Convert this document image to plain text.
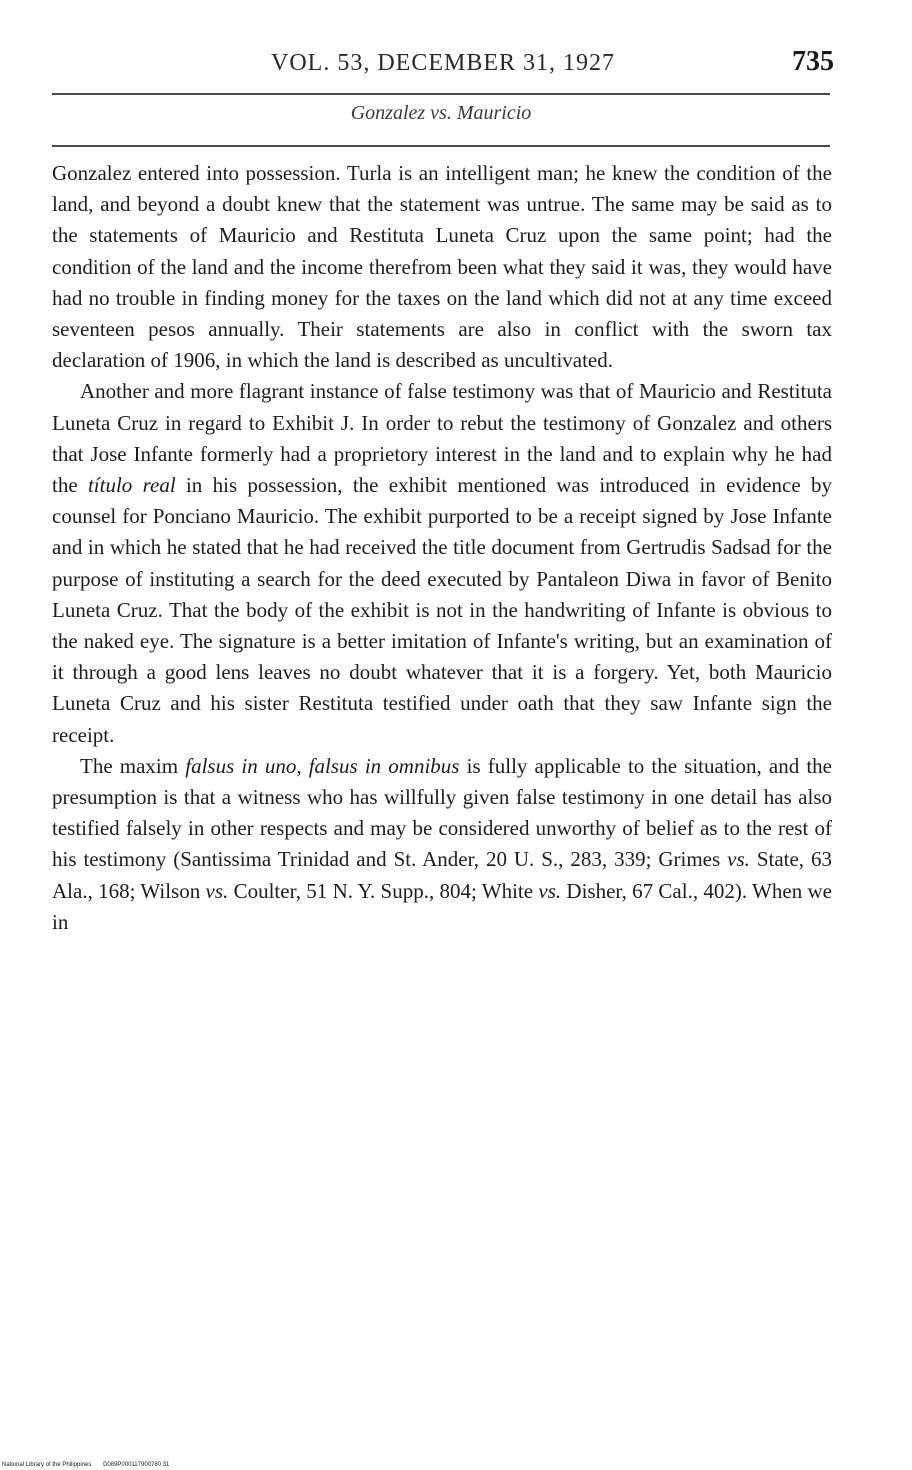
VOL. 53, DECEMBER 31, 1927	735
Gonzalez vs. Mauricio

Gonzalez entered into possession. Turla is an intelligent man; he knew the condition of the land, and beyond a doubt knew that the statement was untrue. The same may be said as to the statements of Mauricio and Restituta Luneta Cruz upon the same point; had the condition of the land and the income therefrom been what they said it was, they would have had no trouble in finding money for the taxes on the land which did not at any time exceed seventeen pesos annually. Their statements are also in conflict with the sworn tax declaration of 1906, in which the land is described as uncultivated.

Another and more flagrant instance of false testimony was that of Mauricio and Restituta Luneta Cruz in regard to Exhibit J. In order to rebut the testimony of Gonzalez and others that Jose Infante formerly had a proprietory interest in the land and to explain why he had the título real in his possession, the exhibit mentioned was introduced in evidence by counsel for Ponciano Mauricio. The exhibit purported to be a receipt signed by Jose Infante and in which he stated that he had received the title document from Gertrudis Sadsad for the purpose of instituting a search for the deed executed by Pantaleon Diwa in favor of Benito Luneta Cruz. That the body of the exhibit is not in the handwriting of Infante is obvious to the naked eye. The signature is a better imitation of Infante's writing, but an examination of it through a good lens leaves no doubt whatever that it is a forgery. Yet, both Mauricio Luneta Cruz and his sister Restituta testified under oath that they saw Infante sign the receipt.

The maxim falsus in uno, falsus in omnibus is fully applicable to the situation, and the presumption is that a witness who has willfully given false testimony in one detail has also testified falsely in other respects and may be considered unworthy of belief as to the rest of his testimony (Santissima Trinidad and St. Ander, 20 U. S., 283, 339; Grimes vs. State, 63 Ala., 168; Wilson vs. Coulter, 51 N. Y. Supp., 804; White vs. Disher, 67 Cal., 402). When we in

National Library of the Philippines D089P000117900780 31
